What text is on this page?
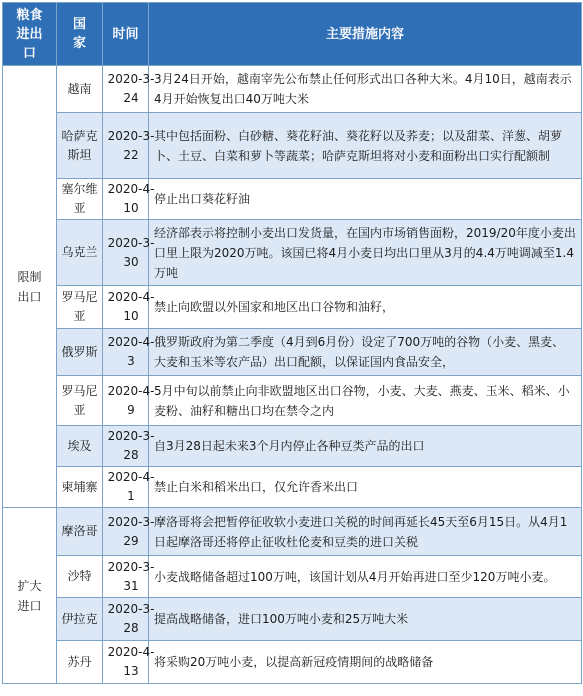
粮食进出口	国家	时间	主要措施内容
限制出口	越南	2020-3-24	3月24日开始，越南宰先公布禁止任何形式出口各种大米。4月10日，越南表示4月开始恢复出口40万吨大米
	哈萨克斯坦	2020-3-22	其中包括面粉、白砂糖、葵花籽油、葵花籽以及荞麦；以及甜菜、洋葱、胡萝卜、土豆、白菜和萝卜等蔬菜；哈萨克斯坦将对小麦和面粉出口实行配额制
	塞尔维亚	2020-4-10	停止出口葵花籽油
	乌克兰	2020-3-30	经济部表示将控制小麦出口发货量，在国内市场销售面粉，2019/20年度小麦出口里上限为2020万吨。该国已将4月小麦日均出口里从3月的4.4万吨调减至1.4万吨
	罗马尼亚	2020-4-10	禁止向欧盟以外国家和地区出口谷物和油籽，
	俄罗斯	2020-4-3	俄罗斯政府为第二季度（4月到6月份）设定了700万吨的谷物（小麦、黑麦、大麦和玉米等农产品）出口配额，以保证国内食品安全，
	罗马尼亚	2020-4-9	5月中旬以前禁止向非欧盟地区出口谷物，小麦、大麦、燕麦、玉米、稻米、小麦粉、油籽和糖出口均在禁令之内
	埃及	2020-3-28	自3月28日起未来3个月内停止各种豆类产品的出口
	柬埔寨	2020-4-1	禁止白米和稻米出口，仅允许香米出口
扩大进口	摩洛哥	2020-3-29	摩洛哥将会把暂停征收软小麦进口关税的时间再延长45天至6月15日。从4月1日起摩洛哥还将停止征收杜伦麦和豆类的进口关税
	沙特	2020-3-31	小麦战略储备超过100万吨，该国计划从4月开始再进口至少120万吨小麦。
	伊拉克	2020-3-28	提高战略储备，进口100万吨小麦和25万吨大米
	苏丹	2020-4-13	将采购20万吨小麦，以提高新冠疫情期间的战略储备
